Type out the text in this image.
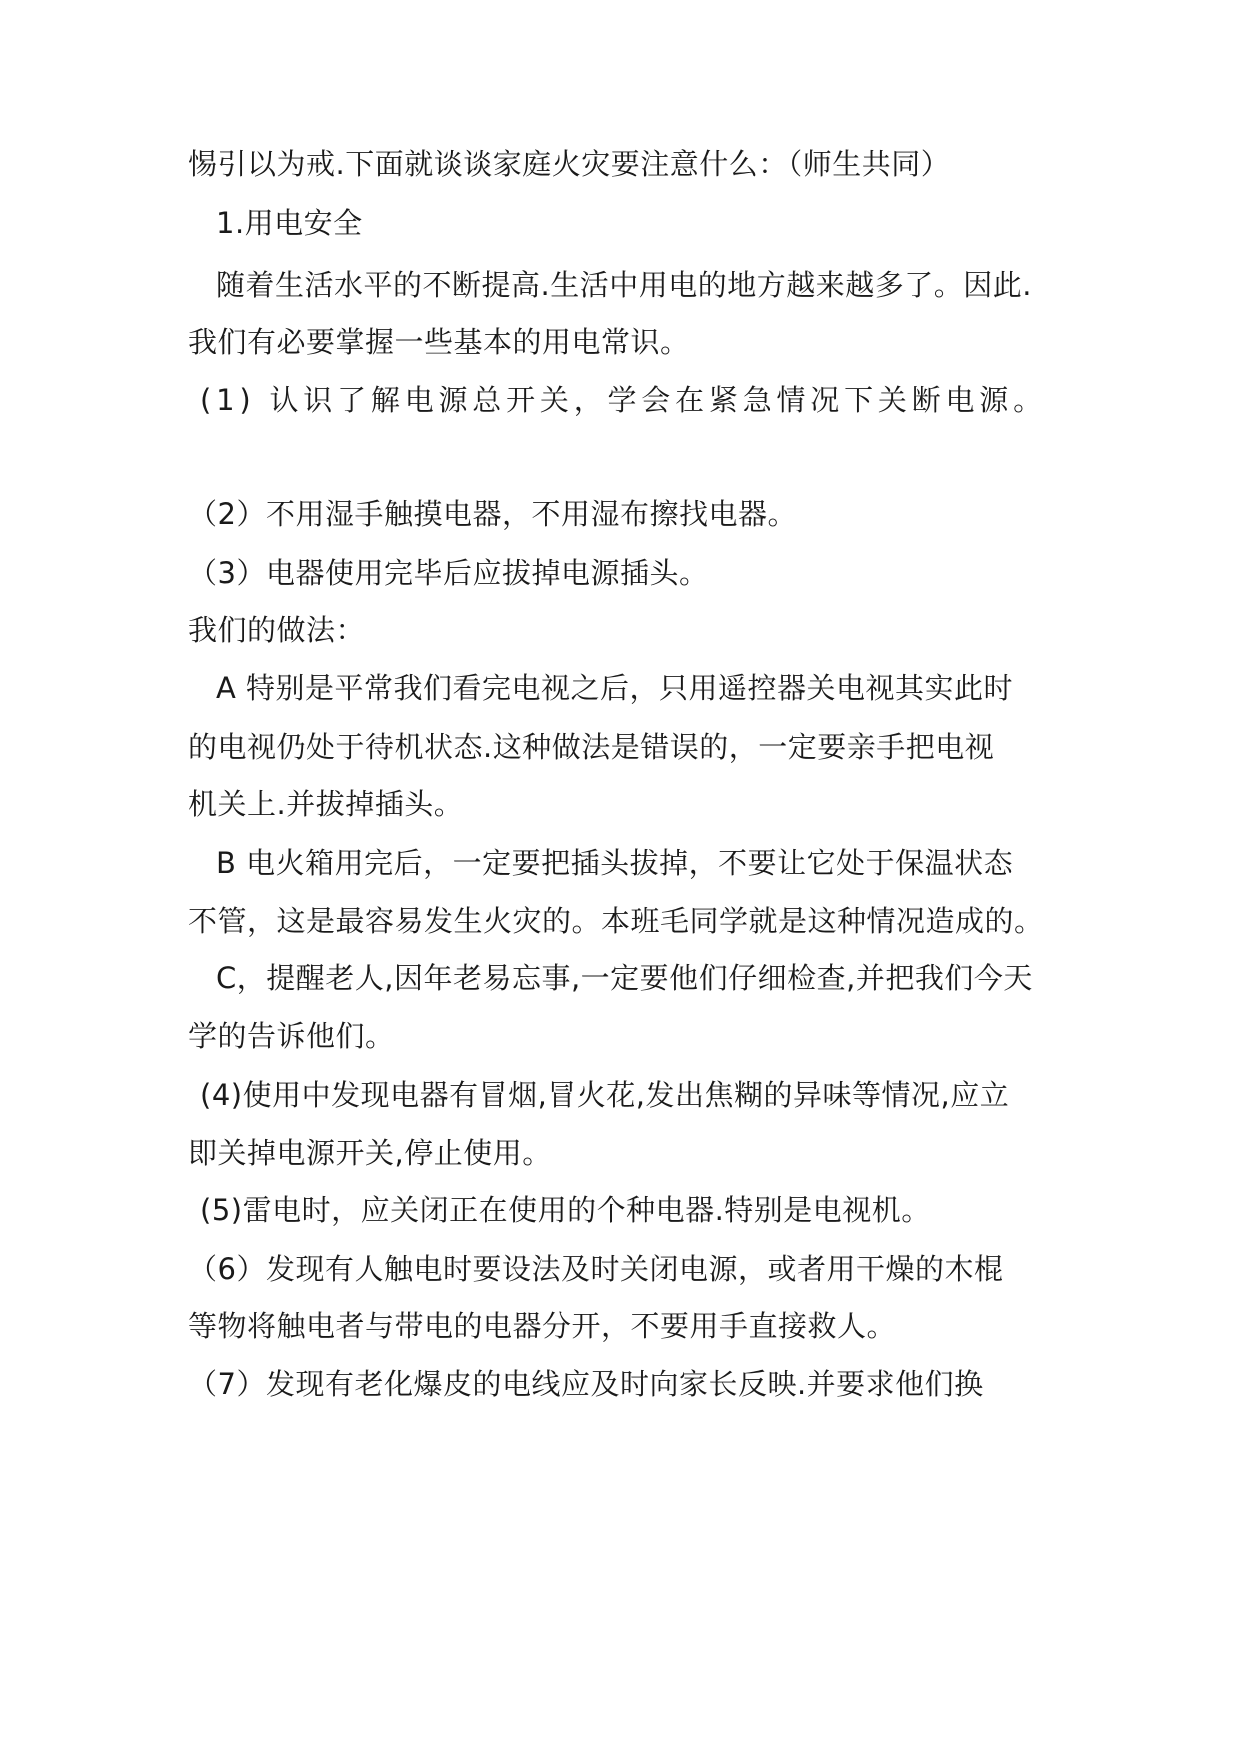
惕引以为戒.下面就谈谈家庭火灾要注意什么：（师生共同）
1.用电安全
随着生活水平的不断提高.生活中用电的地方越来越多了。因此.
我们有必要掌握一些基本的用电常识。
(1) 认识了解电源总开关，学会在紧急情况下关断电源。
（2）不用湿手触摸电器，不用湿布擦找电器。
（3）电器使用完毕后应拔掉电源插头。
我们的做法：
A 特别是平常我们看完电视之后，只用遥控器关电视其实此时
的电视仍处于待机状态.这种做法是错误的，一定要亲手把电视
机关上.并拔掉插头。
B 电火箱用完后，一定要把插头拔掉，不要让它处于保温状态
不管，这是最容易发生火灾的。本班毛同学就是这种情况造成的。
C，提醒老人,因年老易忘事,一定要他们仔细检查,并把我们今天
学的告诉他们。
(4)使用中发现电器有冒烟,冒火花,发出焦糊的异味等情况,应立
即关掉电源开关,停止使用。
(5)雷电时，应关闭正在使用的个种电器.特别是电视机。
（6）发现有人触电时要设法及时关闭电源，或者用干燥的木棍
等物将触电者与带电的电器分开，不要用手直接救人。
（7）发现有老化爆皮的电线应及时向家长反映.并要求他们换
